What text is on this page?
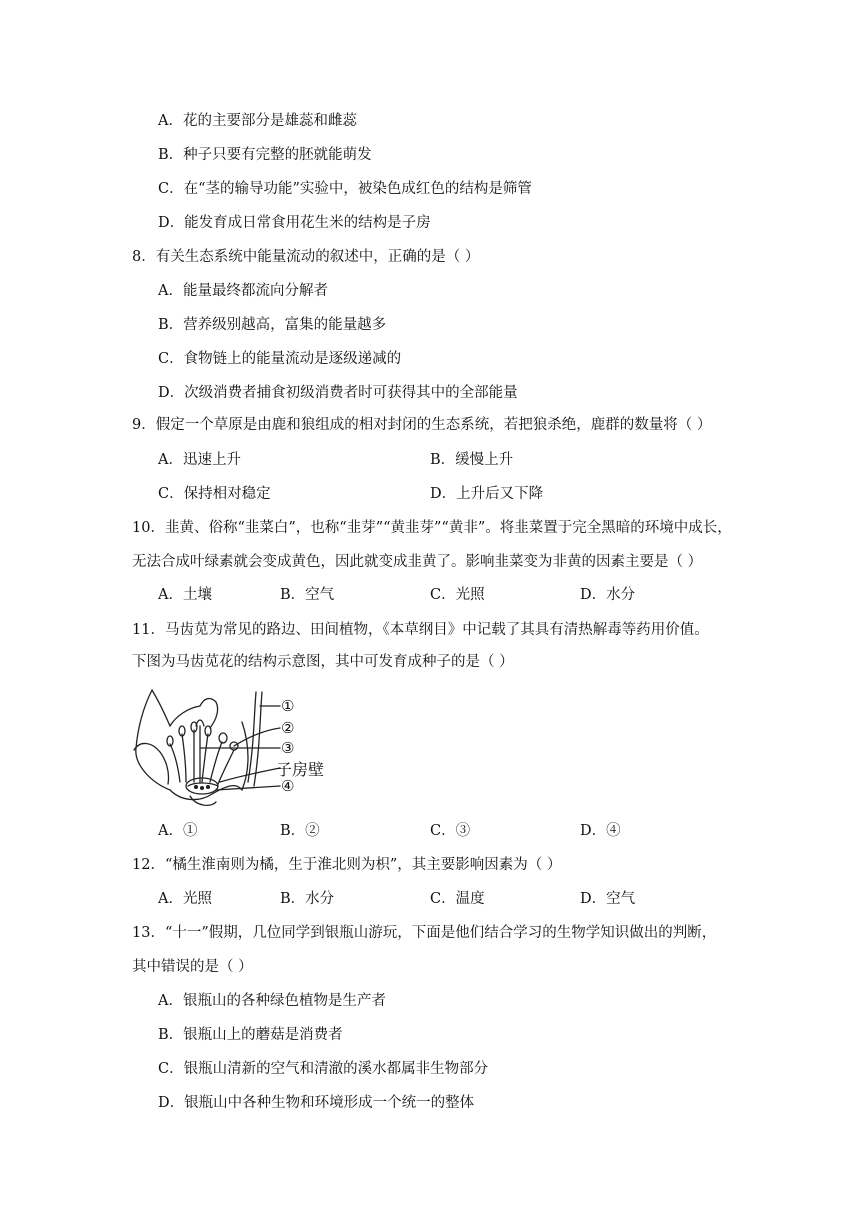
A．花的主要部分是雄蕊和雌蕊
B．种子只要有完整的胚就能萌发
C．在“茎的输导功能”实验中，被染色成红色的结构是筛管
D．能发育成日常食用花生米的结构是子房
8．有关生态系统中能量流动的叙述中，正确的是（ ）
A．能量最终都流向分解者
B．营养级别越高，富集的能量越多
C．食物链上的能量流动是逐级递减的
D．次级消费者捕食初级消费者时可获得其中的全部能量
9．假定一个草原是由鹿和狼组成的相对封闭的生态系统，若把狼杀绝，鹿群的数量将（ ）
A．迅速上升	B．缓慢上升
C．保持相对稳定	D．上升后又下降
10．韭黄、俗称“韭菜白”，也称“韭芽”“黄韭芽”“黄非”。将韭菜置于完全黑暗的环境中成长，
无法合成叶绿素就会变成黄色，因此就变成韭黄了。影响韭菜变为非黄的因素主要是（ ）
A．土壤	B．空气	C．光照	D．水分
11．马齿苋为常见的路边、田间植物，《本草纲目》中记载了其具有清热解毒等药用价值。
下图为马齿苋花的结构示意图，其中可发育成种子的是（ ）
①
②
③
子房壁
④
A．①	B．②	C．③	D．④
12．“橘生淮南则为橘，生于淮北则为枳”，其主要影响因素为（ ）
A．光照	B．水分	C．温度	D．空气
13．“十一”假期，几位同学到银瓶山游玩，下面是他们结合学习的生物学知识做出的判断，
其中错误的是（ ）
A．银瓶山的各种绿色植物是生产者
B．银瓶山上的蘑菇是消费者
C．银瓶山清新的空气和清澈的溪水都属非生物部分
D．银瓶山中各种生物和环境形成一个统一的整体
